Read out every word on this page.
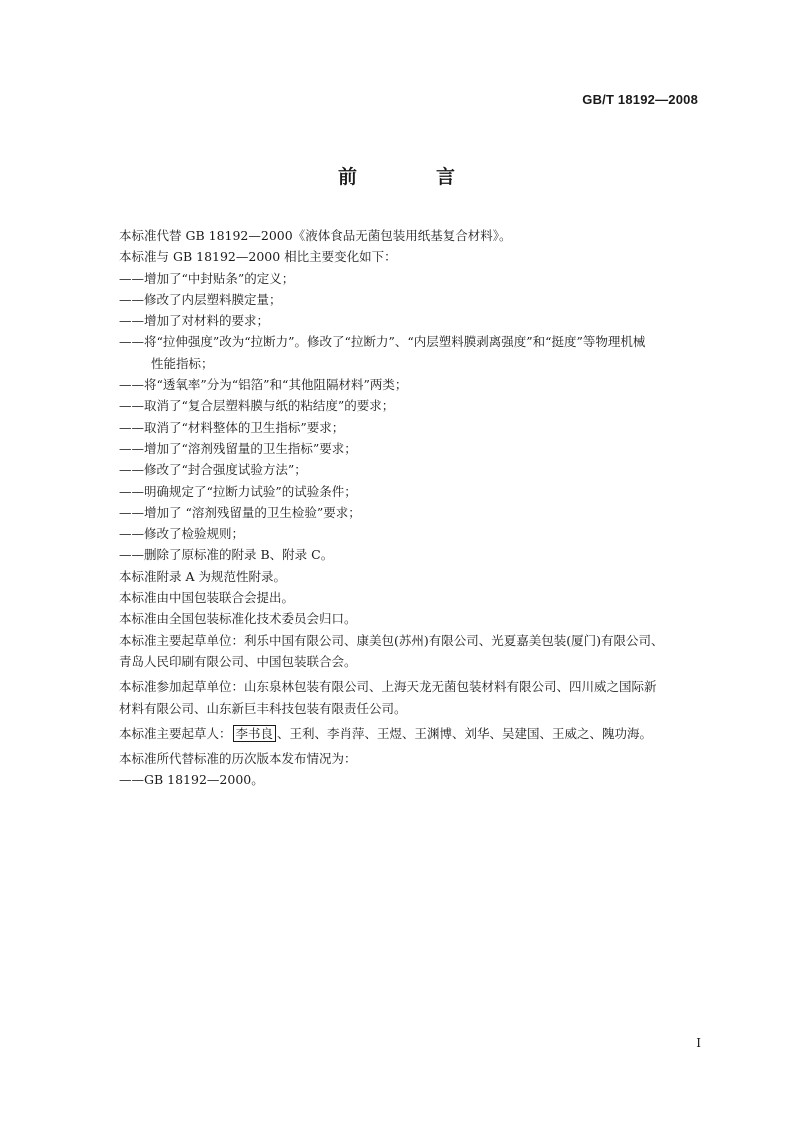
GB/T 18192—2008
前　言

本标准代替 GB 18192—2000《液体食品无菌包装用纸基复合材料》。

本标准与 GB 18192—2000 相比主要变化如下：

——增加了“中封贴条”的定义；

——修改了内层塑料膜定量；

——增加了对材料的要求；

——将“拉伸强度”改为“拉断力”。修改了“拉断力”、“内层塑料膜剥离强度”和“挺度”等物理机械

性能指标；

——将“透氧率”分为“铝箔”和“其他阻隔材料”两类；

——取消了“复合层塑料膜与纸的粘结度”的要求；

——取消了“材料整体的卫生指标”要求；

——增加了“溶剂残留量的卫生指标”要求；

——修改了“封合强度试验方法”；

——明确规定了“拉断力试验”的试验条件；

——增加了 “溶剂残留量的卫生检验”要求；

——修改了检验规则；

——删除了原标准的附录 B、附录 C。

本标准附录 A 为规范性附录。

本标准由中国包装联合会提出。

本标准由全国包装标准化技术委员会归口。

本标准主要起草单位：利乐中国有限公司、康美包(苏州)有限公司、光夏嘉美包装(厦门)有限公司、

青岛人民印刷有限公司、中国包装联合会。

本标准参加起草单位：山东泉林包装有限公司、上海天龙无菌包装材料有限公司、四川威之国际新

材料有限公司、山东新巨丰科技包装有限责任公司。

本标准主要起草人： 李书良 、王利、李肖萍、王煜、王渊博、刘华、吴建国、王威之、隗功海。

本标准所代替标准的历次版本发布情况为：

——GB 18192—2000。

I
